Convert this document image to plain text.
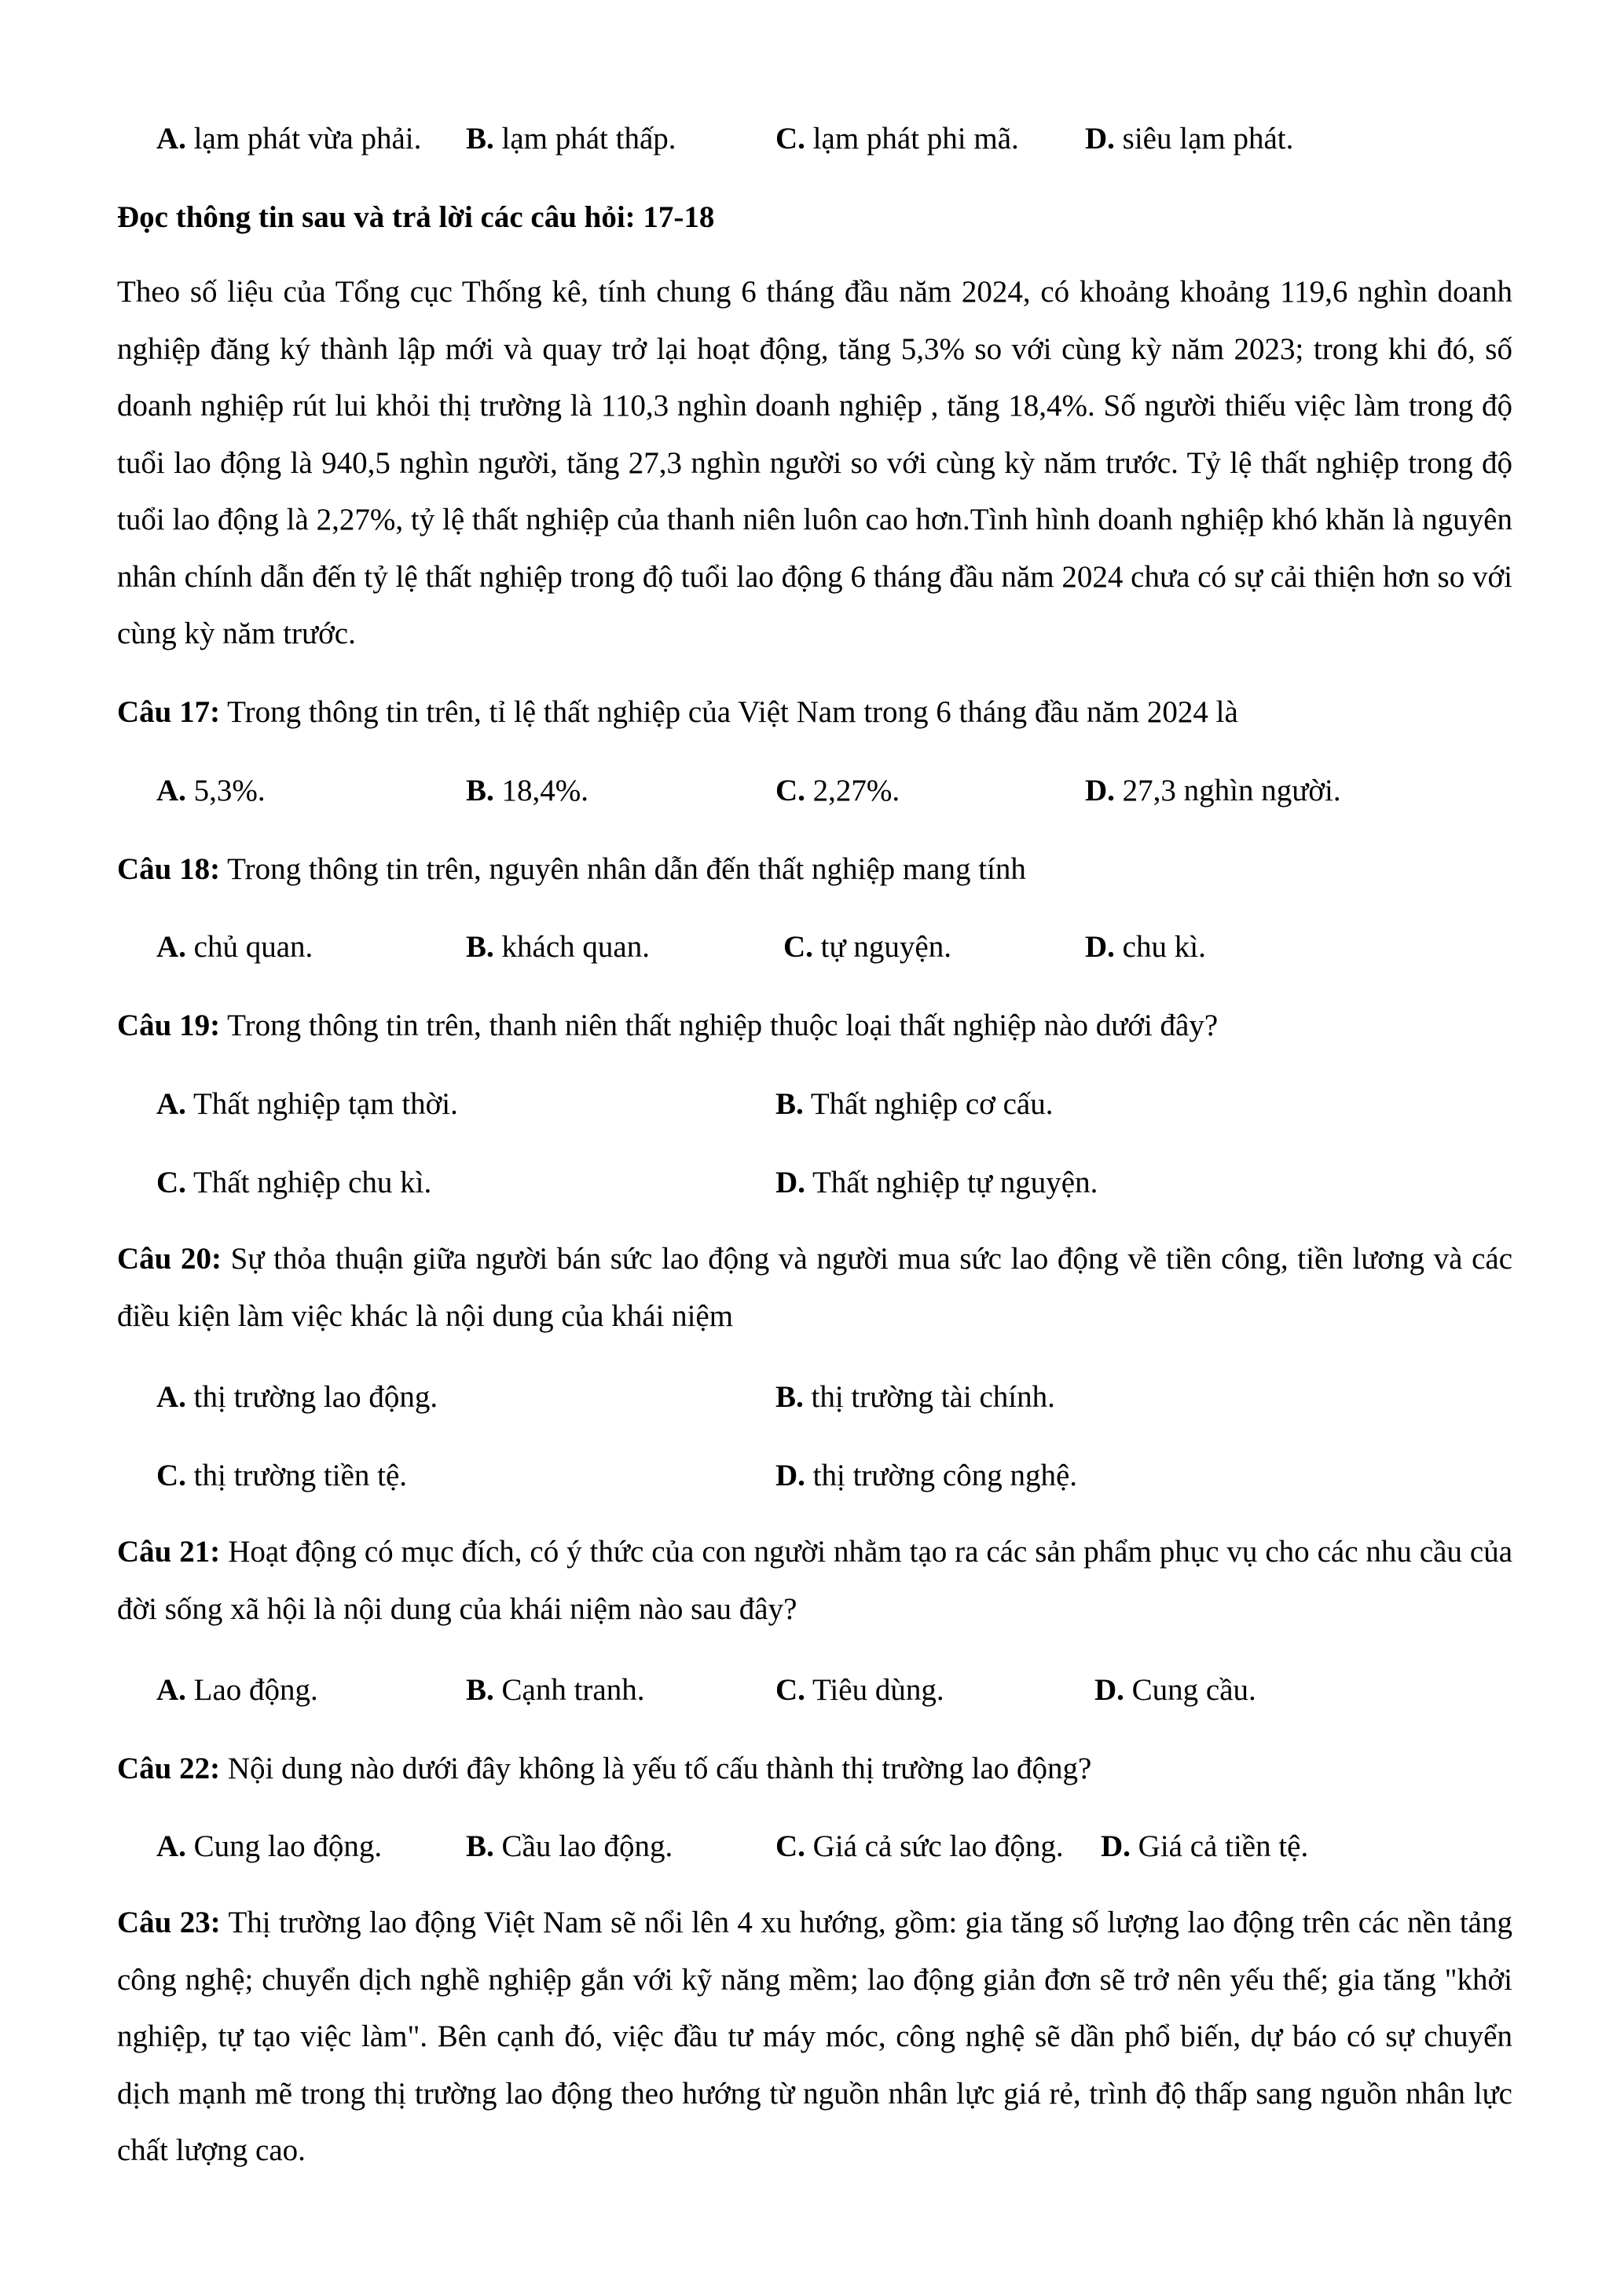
A. lạm phát vừa phải. B. lạm phát thấp.	C. lạm phát phi mã. D. siêu lạm phát.
Đọc thông tin sau và trả lời các câu hỏi: 17-18
Theo số liệu của Tổng cục Thống kê, tính chung 6 tháng đầu năm 2024, có khoảng khoảng 119,6 nghìn doanh nghiệp đăng ký thành lập mới và quay trở lại hoạt động, tăng 5,3% so với cùng kỳ năm 2023; trong khi đó, số doanh nghiệp rút lui khỏi thị trường là 110,3 nghìn doanh nghiệp , tăng 18,4%. Số người thiếu việc làm trong độ tuổi lao động là 940,5 nghìn người, tăng 27,3 nghìn người so với cùng kỳ năm trước. Tỷ lệ thất nghiệp trong độ tuổi lao động là 2,27%, tỷ lệ thất nghiệp của thanh niên luôn cao hơn.Tình hình doanh nghiệp khó khăn là nguyên nhân chính dẫn đến tỷ lệ thất nghiệp trong độ tuổi lao động 6 tháng đầu năm 2024 chưa có sự cải thiện hơn so với cùng kỳ năm trước.
Câu 17: Trong thông tin trên, tỉ lệ thất nghiệp của Việt Nam trong 6 tháng đầu năm 2024 là
A. 5,3%.	B. 18,4%.	C. 2,27%.	D. 27,3 nghìn người.
Câu 18: Trong thông tin trên, nguyên nhân dẫn đến thất nghiệp mang tính
A. chủ quan.	B. khách quan.	C. tự nguyện.	D. chu kì.
Câu 19: Trong thông tin trên, thanh niên thất nghiệp thuộc loại thất nghiệp nào dưới đây?
A. Thất nghiệp tạm thời.	B. Thất nghiệp cơ cấu.
C. Thất nghiệp chu kì.	D. Thất nghiệp tự nguyện.
Câu 20: Sự thỏa thuận giữa người bán sức lao động và người mua sức lao động về tiền công, tiền lương và các điều kiện làm việc khác là nội dung của khái niệm
A. thị trường lao động.	B. thị trường tài chính.
C. thị trường tiền tệ.	D. thị trường công nghệ.
Câu 21: Hoạt động có mục đích, có ý thức của con người nhằm tạo ra các sản phẩm phục vụ cho các nhu cầu của đời sống xã hội là nội dung của khái niệm nào sau đây?
A. Lao động.	B. Cạnh tranh.	C. Tiêu dùng.	D. Cung cầu.
Câu 22: Nội dung nào dưới đây không là yếu tố cấu thành thị trường lao động?
A. Cung lao động.	B. Cầu lao động.	C. Giá cả sức lao động. D. Giá cả tiền tệ.
Câu 23: Thị trường lao động Việt Nam sẽ nổi lên 4 xu hướng, gồm: gia tăng số lượng lao động trên các nền tảng công nghệ; chuyển dịch nghề nghiệp gắn với kỹ năng mềm; lao động giản đơn sẽ trở nên yếu thế; gia tăng "khởi nghiệp, tự tạo việc làm". Bên cạnh đó, việc đầu tư máy móc, công nghệ sẽ dần phổ biến, dự báo có sự chuyển dịch mạnh mẽ trong thị trường lao động theo hướng từ nguồn nhân lực giá rẻ, trình độ thấp sang nguồn nhân lực chất lượng cao.
